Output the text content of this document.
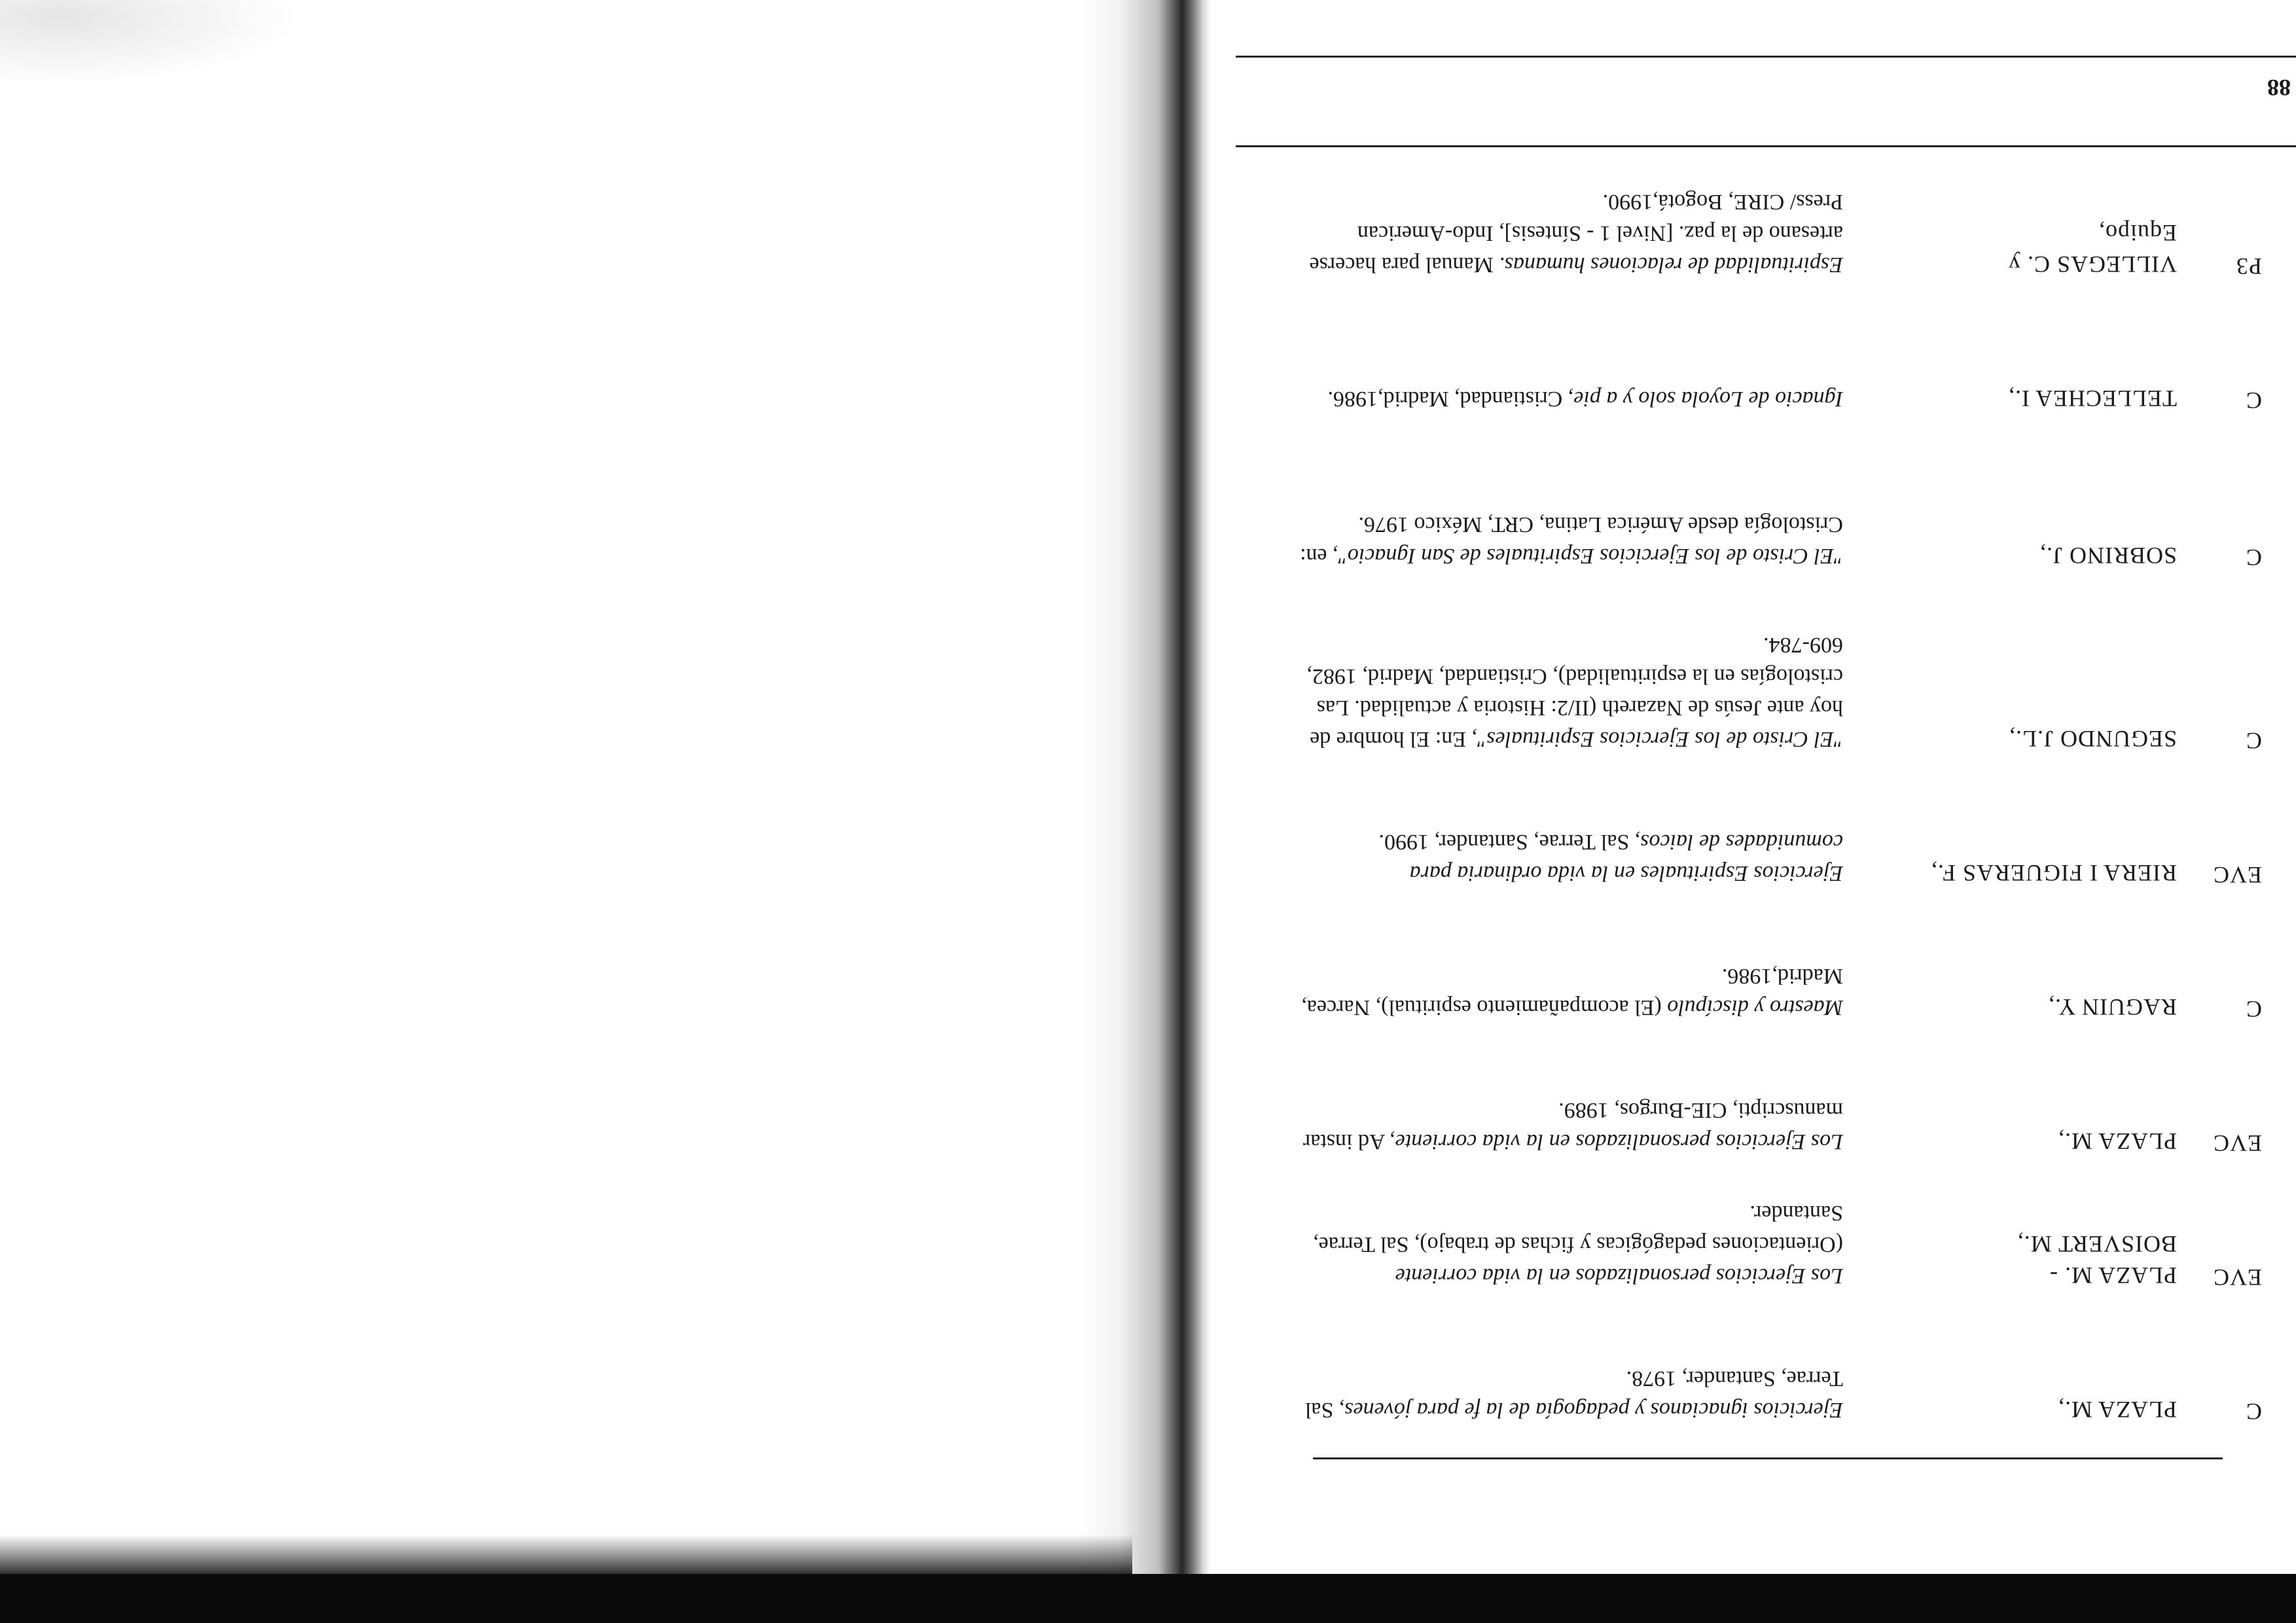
C
PLAZA M.,
Ejercicios ignacianos y pedagogía de la fe para jóvenes, Sal Terrae, Santander, 1978.
EVC
PLAZA M. -
BOISVERT M.,
Los Ejercicios personalizados en la vida corriente (Orientaciones pedagógicas y fichas de trabajo), Sal Terrae, Santander.
EVC
PLAZA M.,
Los Ejercicios personalizados en la vida corriente, Ad instar manuscripti, CIE-Burgos, 1989.
C
RAGUIN Y.,
Maestro y discípulo (El acompañamiento espiritual), Narcea, Madrid,1986.
EVC
RIERA I FIGUERAS F.,
Ejercicios Espirituales en la vida ordinaria para comunidades de laicos, Sal Terrae, Santander, 1990.
C
SEGUNDO J.L.,
"El Cristo de los Ejercicios Espirituales", En: El hombre de hoy ante Jesús de Nazareth (II/2: Historia y actualidad. Las cristologías en la espiritualidad), Cristiandad, Madrid, 1982, 609-784.
C
SOBRINO J.,
"El Cristo de los Ejercicios Espirituales de San Ignacio", en: Cristología desde América Latina, CRT, México 1976.
C
TELLECHEA I.,
Ignacio de Loyola solo y a pie, Cristiandad, Madrid,1986.
P3
VILLEGAS C. y
Equipo,
Espiritualidad de relaciones humanas. Manual para hacerse artesano de la paz. [Nivel 1 - Síntesis], Indo-American Press/ CIRE, Bogotá,1990.
88
